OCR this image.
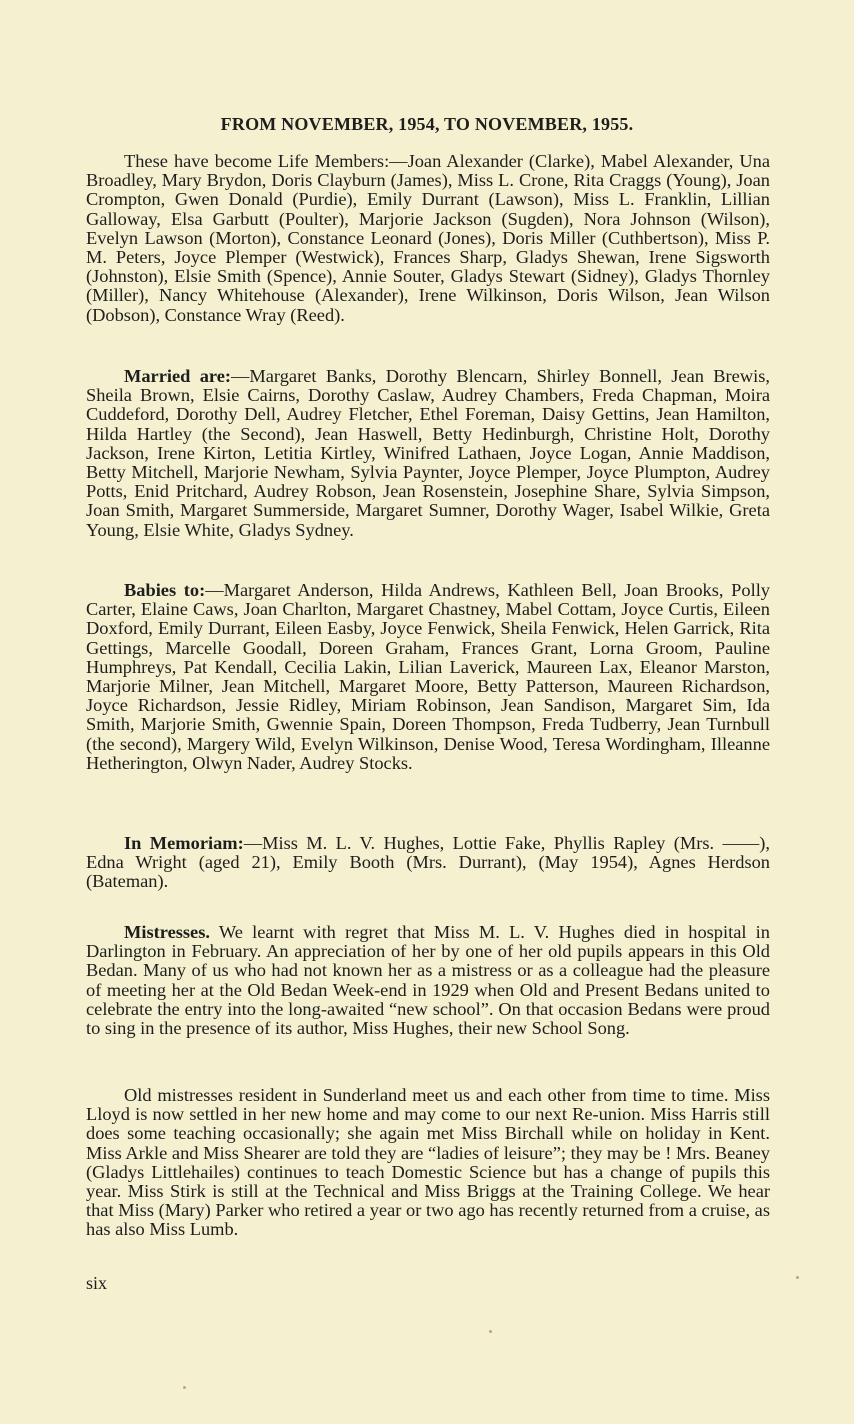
FROM NOVEMBER, 1954, TO NOVEMBER, 1955.

These have become Life Members:—Joan Alexander (Clarke), Mabel Alexander, Una Broadley, Mary Brydon, Doris Clayburn (James), Miss L. Crone, Rita Craggs (Young), Joan Crompton, Gwen Donald (Purdie), Emily Durrant (Lawson), Miss L. Franklin, Lillian Galloway, Elsa Garbutt (Poulter), Marjorie Jackson (Sugden), Nora Johnson (Wilson), Evelyn Lawson (Morton), Constance Leonard (Jones), Doris Miller (Cuthbertson), Miss P. M. Peters, Joyce Plemper (Westwick), Frances Sharp, Gladys Shewan, Irene Sigsworth (Johnston), Elsie Smith (Spence), Annie Souter, Gladys Stewart (Sidney), Gladys Thornley (Miller), Nancy Whitehouse (Alexander), Irene Wilkinson, Doris Wilson, Jean Wilson (Dobson), Constance Wray (Reed).

Married are:—Margaret Banks, Dorothy Blencarn, Shirley Bonnell, Jean Brewis, Sheila Brown, Elsie Cairns, Dorothy Caslaw, Audrey Chambers, Freda Chapman, Moira Cuddeford, Dorothy Dell, Audrey Fletcher, Ethel Foreman, Daisy Gettins, Jean Hamilton, Hilda Hartley (the Second), Jean Haswell, Betty Hedinburgh, Christine Holt, Dorothy Jackson, Irene Kirton, Letitia Kirtley, Winifred Lathaen, Joyce Logan, Annie Maddison, Betty Mitchell, Marjorie Newham, Sylvia Paynter, Joyce Plemper, Joyce Plumpton, Audrey Potts, Enid Pritchard, Audrey Robson, Jean Rosenstein, Josephine Share, Sylvia Simpson, Joan Smith, Margaret Summerside, Margaret Sumner, Dorothy Wager, Isabel Wilkie, Greta Young, Elsie White, Gladys Sydney.

Babies to:—Margaret Anderson, Hilda Andrews, Kathleen Bell, Joan Brooks, Polly Carter, Elaine Caws, Joan Charlton, Margaret Chastney, Mabel Cottam, Joyce Curtis, Eileen Doxford, Emily Durrant, Eileen Easby, Joyce Fenwick, Sheila Fenwick, Helen Garrick, Rita Gettings, Marcelle Goodall, Doreen Graham, Frances Grant, Lorna Groom, Pauline Humphreys, Pat Kendall, Cecilia Lakin, Lilian Laverick, Maureen Lax, Eleanor Marston, Marjorie Milner, Jean Mitchell, Margaret Moore, Betty Patterson, Maureen Richardson, Joyce Richardson, Jessie Ridley, Miriam Robinson, Jean Sandison, Margaret Sim, Ida Smith, Marjorie Smith, Gwennie Spain, Doreen Thompson, Freda Tudberry, Jean Turnbull (the second), Margery Wild, Evelyn Wilkinson, Denise Wood, Teresa Wordingham, Illeanne Hetherington, Olwyn Nader, Audrey Stocks.

In Memoriam:—Miss M. L. V. Hughes, Lottie Fake, Phyllis Rapley (Mrs. ——), Edna Wright (aged 21), Emily Booth (Mrs. Durrant), (May 1954), Agnes Herdson (Bateman).

Mistresses. We learnt with regret that Miss M. L. V. Hughes died in hospital in Darlington in February. An appreciation of her by one of her old pupils appears in this Old Bedan. Many of us who had not known her as a mistress or as a colleague had the pleasure of meeting her at the Old Bedan Week-end in 1929 when Old and Present Bedans united to celebrate the entry into the long-awaited “new school”. On that occasion Bedans were proud to sing in the presence of its author, Miss Hughes, their new School Song.

Old mistresses resident in Sunderland meet us and each other from time to time. Miss Lloyd is now settled in her new home and may come to our next Re-union. Miss Harris still does some teaching occasionally; she again met Miss Birchall while on holiday in Kent. Miss Arkle and Miss Shearer are told they are “ladies of leisure”; they may be ! Mrs. Beaney (Gladys Littlehailes) continues to teach Domestic Science but has a change of pupils this year. Miss Stirk is still at the Technical and Miss Briggs at the Training College. We hear that Miss (Mary) Parker who retired a year or two ago has recently returned from a cruise, as has also Miss Lumb.

six
